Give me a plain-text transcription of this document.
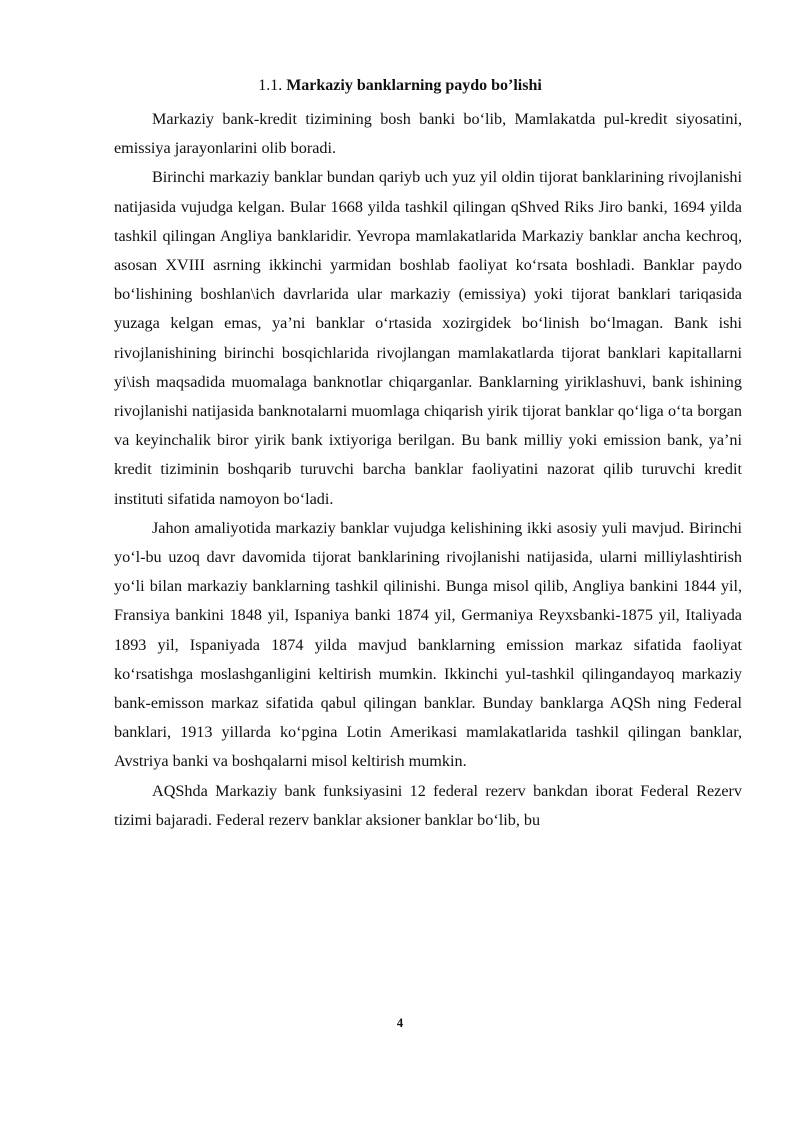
1.1. Markaziy banklarning paydo bo’lishi

Markaziy bank-kredit tizimining bosh banki bo‘lib, Mamlakatda pul-kredit siyosatini, emissiya jarayonlarini olib boradi.

Birinchi markaziy banklar bundan qariyb uch yuz yil oldin tijorat banklarining rivojlanishi natijasida vujudga kelgan. Bular 1668 yilda tashkil qilingan qShved Riks Jiro banki, 1694 yilda tashkil qilingan Angliya banklaridir. Yevropa mamlakatlarida Markaziy banklar ancha kechroq, asosan XVIII asrning ikkinchi yarmidan boshlab faoliyat ko‘rsata boshladi. Banklar paydo bo‘lishining boshlan\ich davrlarida ular markaziy (emissiya) yoki tijorat banklari tariqasida yuzaga kelgan emas, ya’ni banklar o‘rtasida xozirgidek bo‘linish bo‘lmagan. Bank ishi rivojlanishining birinchi bosqichlarida rivojlangan mamlakatlarda tijorat banklari kapitallarni yi\ish maqsadida muomalaga banknotlar chiqarganlar. Banklarning yiriklashuvi, bank ishining rivojlanishi natijasida banknotalarni muomlaga chiqarish yirik tijorat banklar qo‘liga o‘ta borgan va keyinchalik biror yirik bank ixtiyoriga berilgan. Bu bank milliy yoki emission bank, ya’ni kredit tiziminin boshqarib turuvchi barcha banklar faoliyatini nazorat qilib turuvchi kredit instituti sifatida namoyon bo‘ladi.

Jahon amaliyotida markaziy banklar vujudga kelishining ikki asosiy yuli mavjud. Birinchi yo‘l-bu uzoq davr davomida tijorat banklarining rivojlanishi natijasida, ularni milliylashtirish yo‘li bilan markaziy banklarning tashkil qilinishi. Bunga misol qilib, Angliya bankini 1844 yil, Fransiya bankini 1848 yil, Ispaniya banki 1874 yil, Germaniya Reyxsbanki-1875 yil, Italiyada 1893 yil, Ispaniyada 1874 yilda mavjud banklarning emission markaz sifatida faoliyat ko‘rsatishga moslashganligini keltirish mumkin. Ikkinchi yul-tashkil qilingandayoq markaziy bank-emisson markaz sifatida qabul qilingan banklar. Bunday banklarga AQSh ning Federal banklari, 1913 yillarda ko‘pgina Lotin Amerikasi mamlakatlarida tashkil qilingan banklar, Avstriya banki va boshqalarni misol keltirish mumkin.

AQShda Markaziy bank funksiyasini 12 federal rezerv bankdan iborat Federal Rezerv tizimi bajaradi. Federal rezerv banklar aksioner banklar bo‘lib, bu

4
